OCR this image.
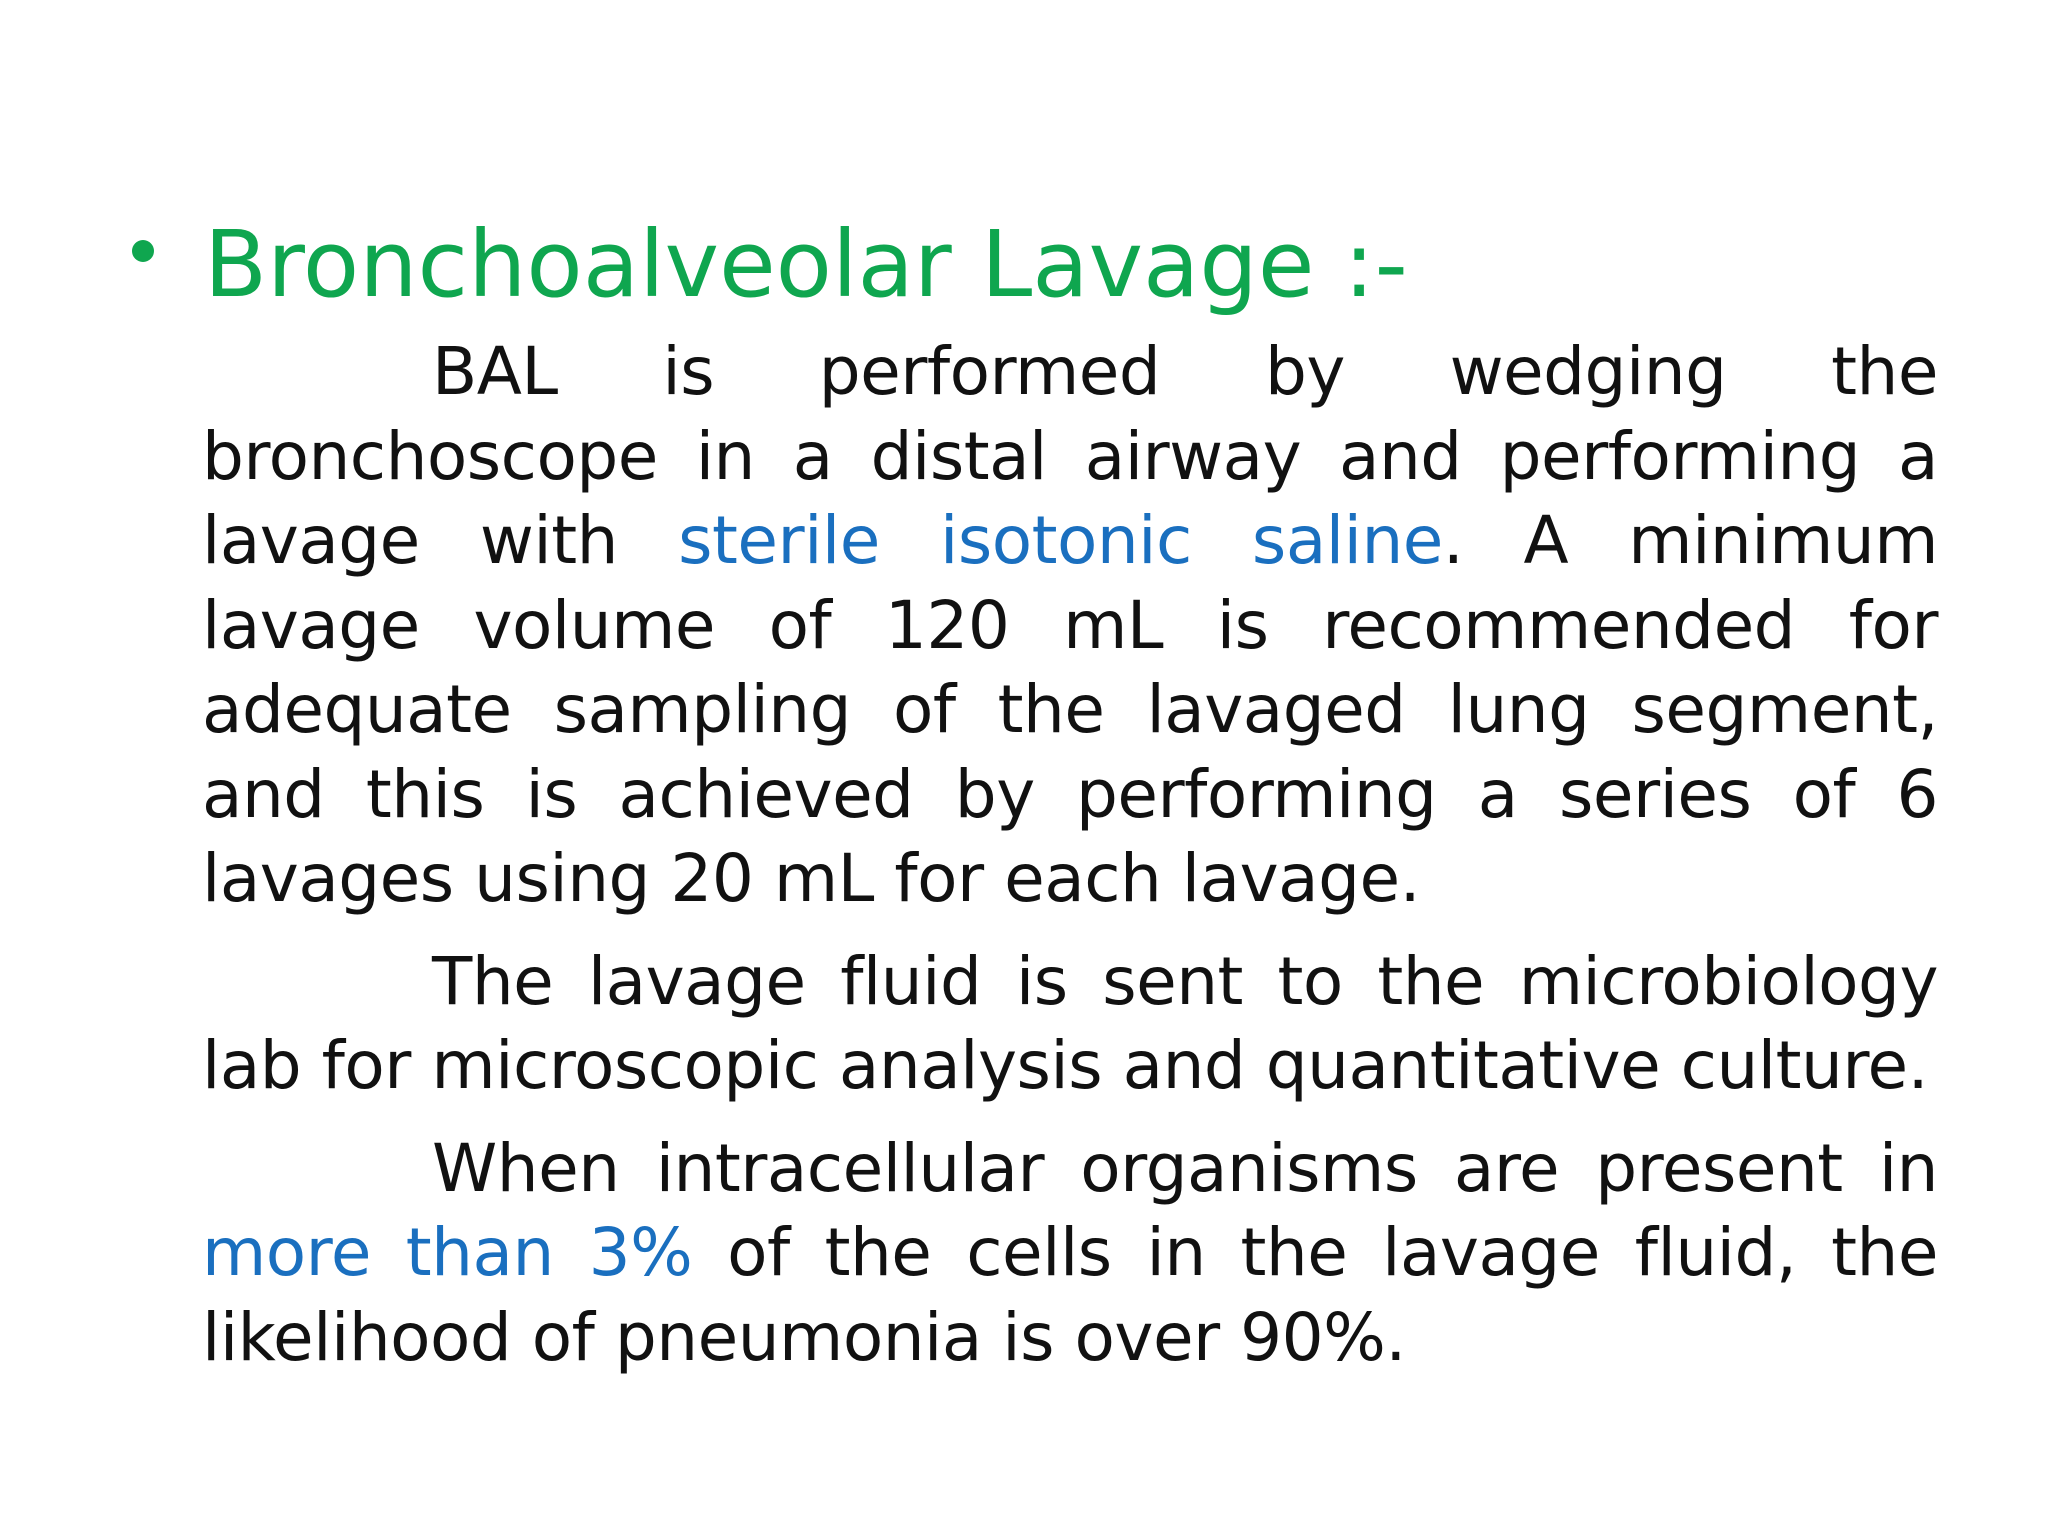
Bronchoalveolar Lavage :-

BAL is performed by wedging the bronchoscope in a distal airway and performing a lavage with sterile isotonic saline. A minimum lavage volume of 120 mL is recommended for adequate sampling of the lavaged lung segment, and this is achieved by performing a series of 6 lavages using 20 mL for each lavage.

The lavage fluid is sent to the microbiology lab for microscopic analysis and quantitative culture.

When intracellular organisms are present in more than 3% of the cells in the lavage fluid, the likelihood of pneumonia is over 90%.
